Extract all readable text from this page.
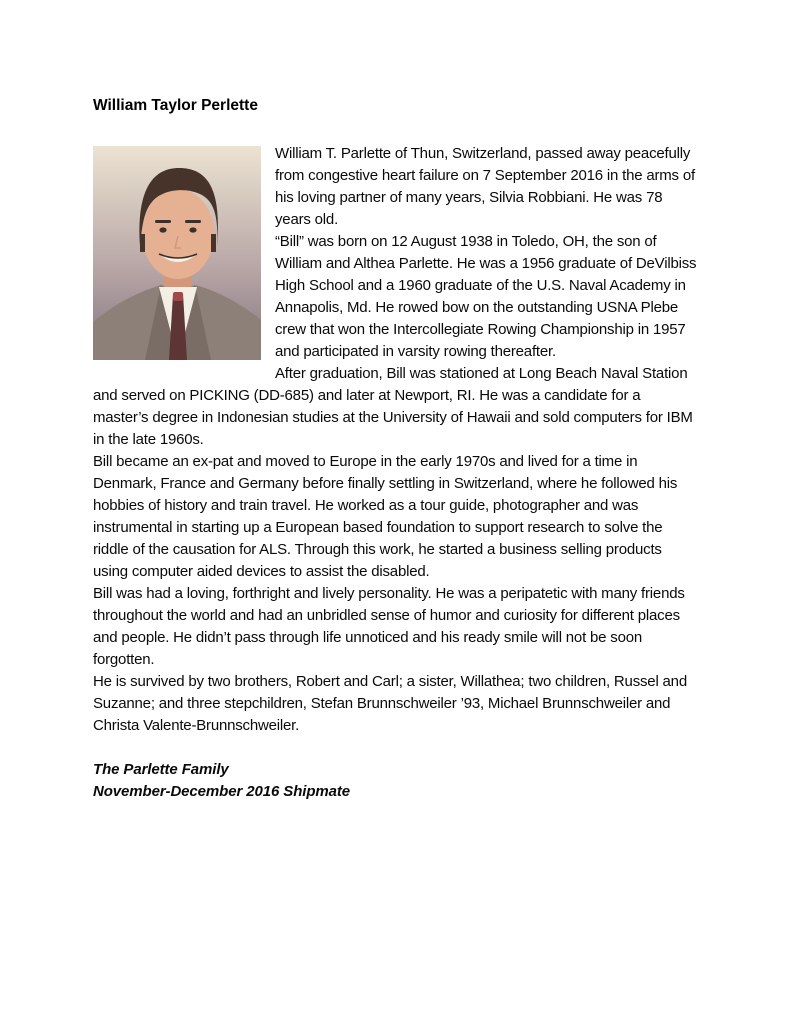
William Taylor Perlette

William T. Parlette of Thun, Switzerland, passed away peacefully from congestive heart failure on 7 September 2016 in the arms of his loving partner of many years, Silvia Robbiani. He was 78 years old.

“Bill” was born on 12 August 1938 in Toledo, OH, the son of William and Althea Parlette. He was a 1956 graduate of DeVilbiss High School and a 1960 graduate of the U.S. Naval Academy in Annapolis, Md. He rowed bow on the outstanding USNA Plebe crew that won the Intercollegiate Rowing Championship in 1957 and participated in varsity rowing thereafter.

After graduation, Bill was stationed at Long Beach Naval Station and served on PICKING (DD-685) and later at Newport, RI. He was a candidate for a master’s degree in Indonesian studies at the University of Hawaii and sold computers for IBM in the late 1960s.

Bill became an ex-pat and moved to Europe in the early 1970s and lived for a time in Denmark, France and Germany before finally settling in Switzerland, where he followed his hobbies of history and train travel. He worked as a tour guide, photographer and was instrumental in starting up a European based foundation to support research to solve the riddle of the causation for ALS. Through this work, he started a business selling products using computer aided devices to assist the disabled.

Bill was had a loving, forthright and lively personality. He was a peripatetic with many friends throughout the world and had an unbridled sense of humor and curiosity for different places and people. He didn’t pass through life unnoticed and his ready smile will not be soon forgotten.

He is survived by two brothers, Robert and Carl; a sister, Willathea; two children, Russel and Suzanne; and three stepchildren, Stefan Brunnschweiler ’93, Michael Brunnschweiler and Christa Valente-Brunnschweiler.

The Parlette Family
November-December 2016 Shipmate
